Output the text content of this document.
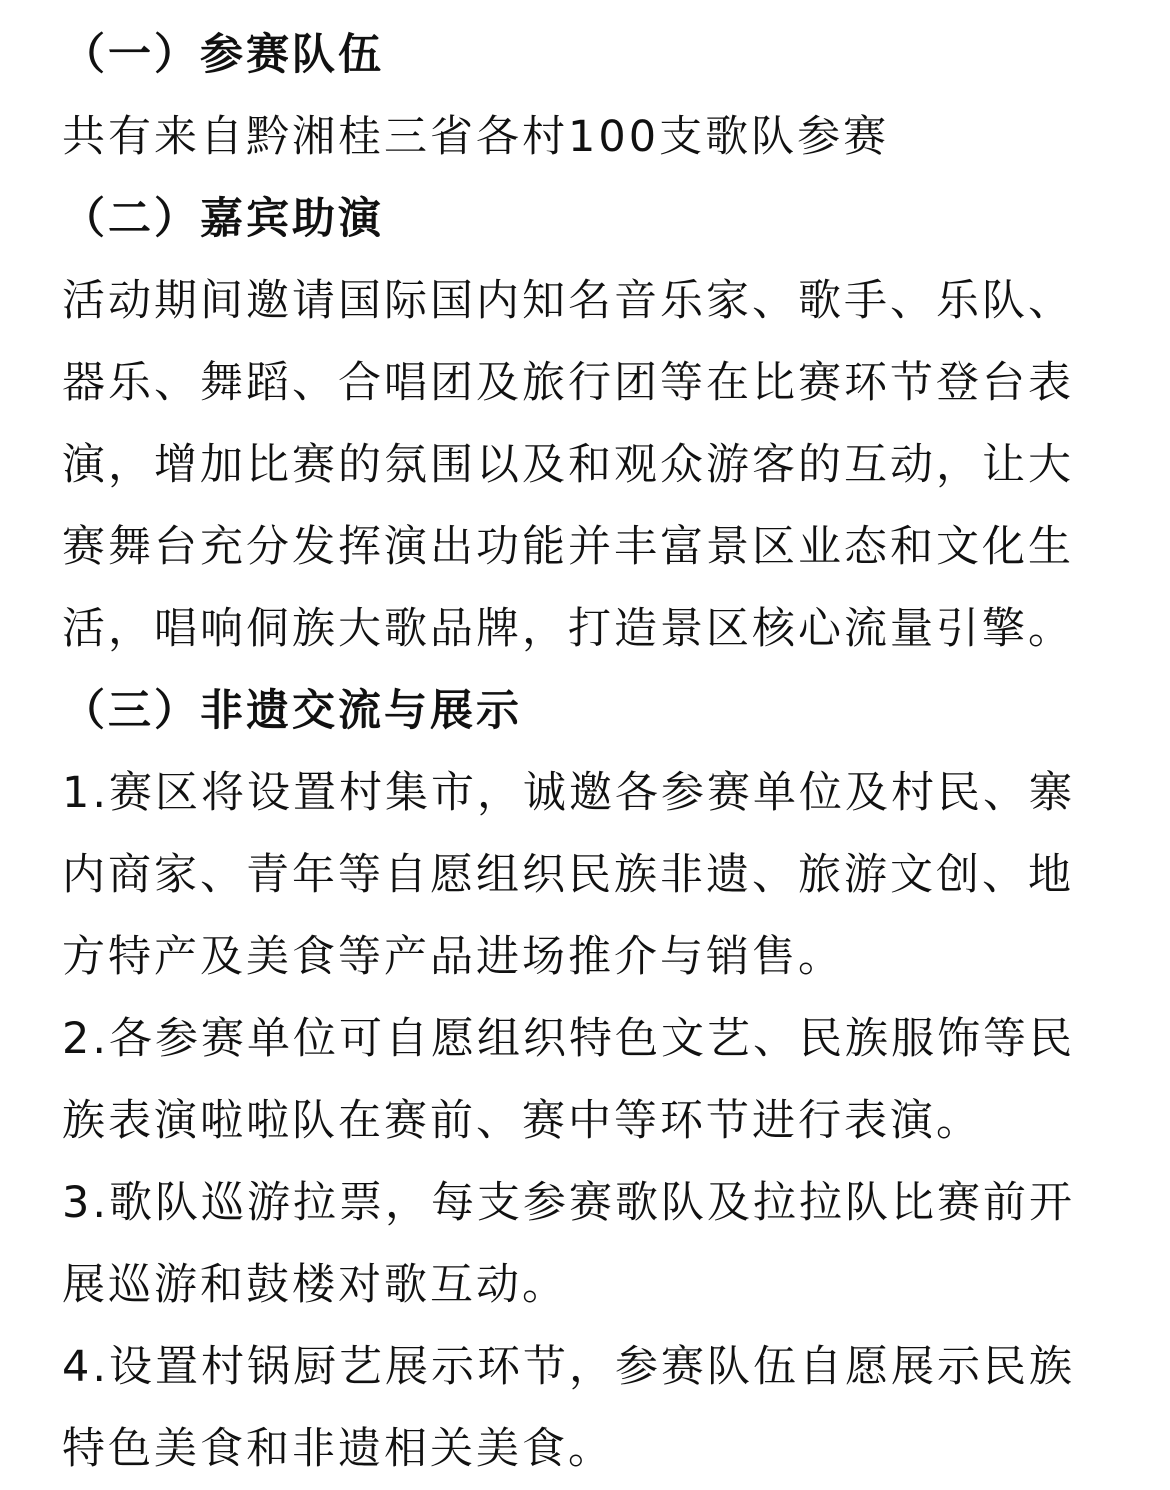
（一）参赛队伍

共有来自黔湘桂三省各村100支歌队参赛

（二）嘉宾助演

活动期间邀请国际国内知名音乐家、歌手、乐队、

器乐、舞蹈、合唱团及旅行团等在比赛环节登台表

演，增加比赛的氛围以及和观众游客的互动，让大

赛舞台充分发挥演出功能并丰富景区业态和文化生

活，唱响侗族大歌品牌，打造景区核心流量引擎。

（三）非遗交流与展示

1.赛区将设置村集市，诚邀各参赛单位及村民、寨

内商家、青年等自愿组织民族非遗、旅游文创、地

方特产及美食等产品进场推介与销售。

2.各参赛单位可自愿组织特色文艺、民族服饰等民

族表演啦啦队在赛前、赛中等环节进行表演。

3.歌队巡游拉票，每支参赛歌队及拉拉队比赛前开

展巡游和鼓楼对歌互动。

4.设置村锅厨艺展示环节，参赛队伍自愿展示民族

特色美食和非遗相关美食。
